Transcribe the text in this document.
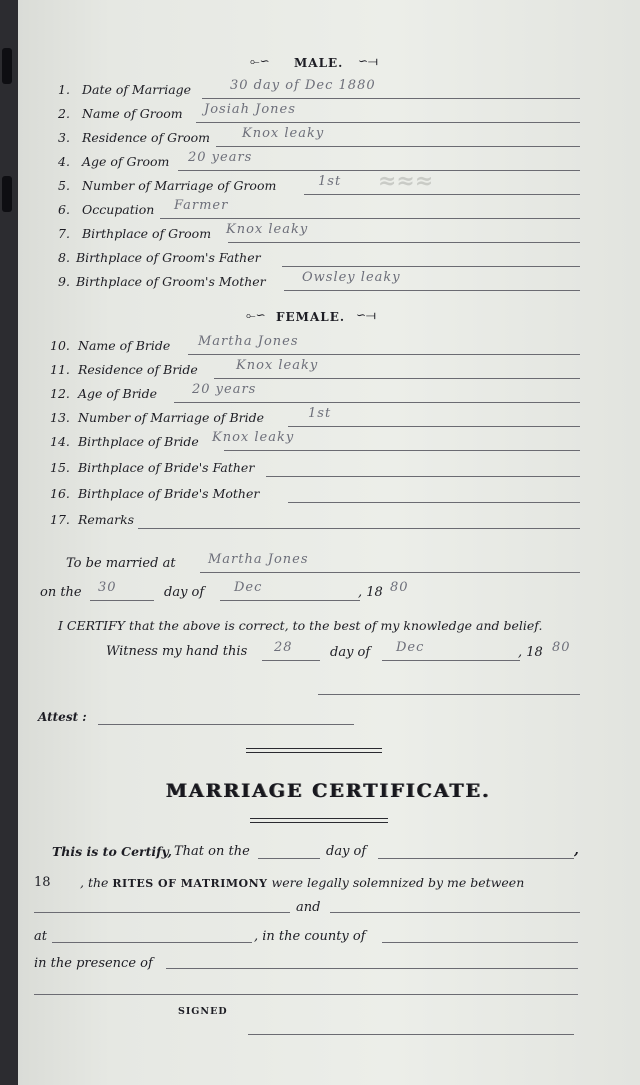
≈≈≈
⟜∽ MALE. ∽⟞
1. Date of Marriage	30 day of Dec 1880
2. Name of Groom Josiah Jones
3. Residence of Groom Knox leaky
4. Age of Groom 20 years
5. Number of Marriage of Groom	1st
6. Occupation Farmer
7. Birthplace of Groom Knox leaky
8. Birthplace of Groom's Father
9. Birthplace of Groom's Mother	Owsley leaky
10. Name of Bride Martha Jones
11. Residence of Bride	Knox leaky
12. Age of Bride	20 years
13. Number of Marriage of Bride	1st
14. Birthplace of Bride Knox leaky
15. Birthplace of Bride's Father
16. Birthplace of Bride's Mother
17. Remarks
⟜∽ FEMALE. ∽⟞
To be married at Martha Jones
on the 30	day of Dec	, 18 80
I CERTIFY that the above is correct, to the best of my knowledge and belief.
Witness my hand this 28	day of Dec	, 18 80
Attest :
MARRIAGE CERTIFICATE.
This is to Certify, That on the	day of	,
18 , the RITES OF MATRIMONY were legally solemnized by me between
and
at	, in the county of
in the presence of
SIGNED
